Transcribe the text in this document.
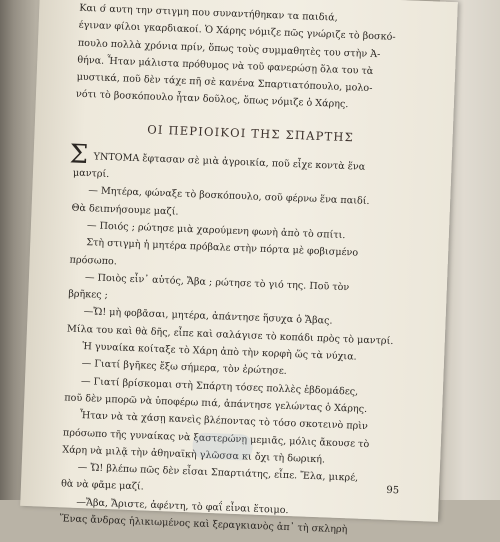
Και σ́ αυτη την στιγμη που συναντήθηκαν τα παιδιά,
έγιναν φίλοι γκαρδιακοί. Ὁ Χάρης νόμιζε πῶς γνώριζε τὸ βοσκό-
πουλο πολλὰ χρόνια πρίν, ὅπως τοὺς συμμαθητὲς του στὴν Ἀ-
θήνα. Ἦταν μάλιστα πρόθυμος νὰ τοῦ φανερώσῃ ὅλα του τὰ
μυστικά, ποῦ δὲν τάχε πῆ σὲ κανένα Σπαρτιατόπουλο, μολο-
νότι τὸ βοσκόπουλο ἦταν δοῦλος, ὅπως νόμιζε ὁ Χάρης.
ΟΙ ΠΕΡΙΟΙΚΟΙ ΤΗΣ ΣΠΑΡΤΗΣ
Σ ΥΝΤΟΜΑ ἔφτασαν σὲ μιὰ ἀγροικία, ποῦ εἶχε κοντὰ ἕνα
μαντρί.
— Μητέρα, φώναξε τὸ βοσκόπουλο, σοῦ φέρνω ἕνα παιδί.
Θὰ δειπνήσουμε μαζί.
— Ποιός ; ρώτησε μιὰ χαρούμενη φωνὴ ἀπὸ τὸ σπίτι.
Στὴ στιγμὴ ἡ μητέρα πρόβαλε στὴν πόρτα μὲ φοβισμένο
πρόσωπο.
— Ποιὸς εἶν᾿ αὐτός, Ἄβα ; ρώτησε τὸ γιό της. Ποῦ τὸν
βρῆκες ;
—Ὤ! μὴ φοβᾶσαι, μητέρα, ἀπάντησε ἥσυχα ὁ Ἄβας.
Μίλα του καὶ θὰ δῆς, εἶπε καὶ σαλάγισε τὸ κοπάδι πρὸς τὸ μαντρί.
Ἡ γυναίκα κοίταξε τὸ Χάρη ἀπὸ τὴν κορφὴ ὥς τὰ νύχια.
— Γιατί βγῆκες ἔξω σήμερα, τὸν ἐρώτησε.
— Γιατί βρίσκομαι στὴ Σπάρτη τόσες πολλὲς ἑβδομάδες,
ποῦ δὲν μπορῶ νὰ ὑποφέρω πιά, ἀπάντησε γελώντας ὁ Χάρης.
Ἦταν νὰ τὰ χάσῃ κανεὶς βλέποντας τὸ τόσο σκοτεινὸ πρὶν
πρόσωπο τῆς γυναίκας νὰ ξαστερώνῃ μεμιᾶς, μόλις ἄκουσε τὸ
Χάρη νὰ μιλᾷ τὴν ἀθηναϊκὴ γλῶσσα κι ὄχι τὴ δωρική.
— Ὤ! βλέπω πῶς δὲν εἶσαι Σπαρτιάτης, εἶπε. Ἔλα, μικρέ,
θὰ νὰ φᾶμε μαζί.
—Ἄβα, Ἄριστε, ἀφέντη, τὸ φαΐ εἶναι ἕτοιμο.
Ἕνας ἄνδρας ἡλικιωμένος καὶ ξεραγκιανὸς ἀπ᾿ τὴ σκληρὴ
95
